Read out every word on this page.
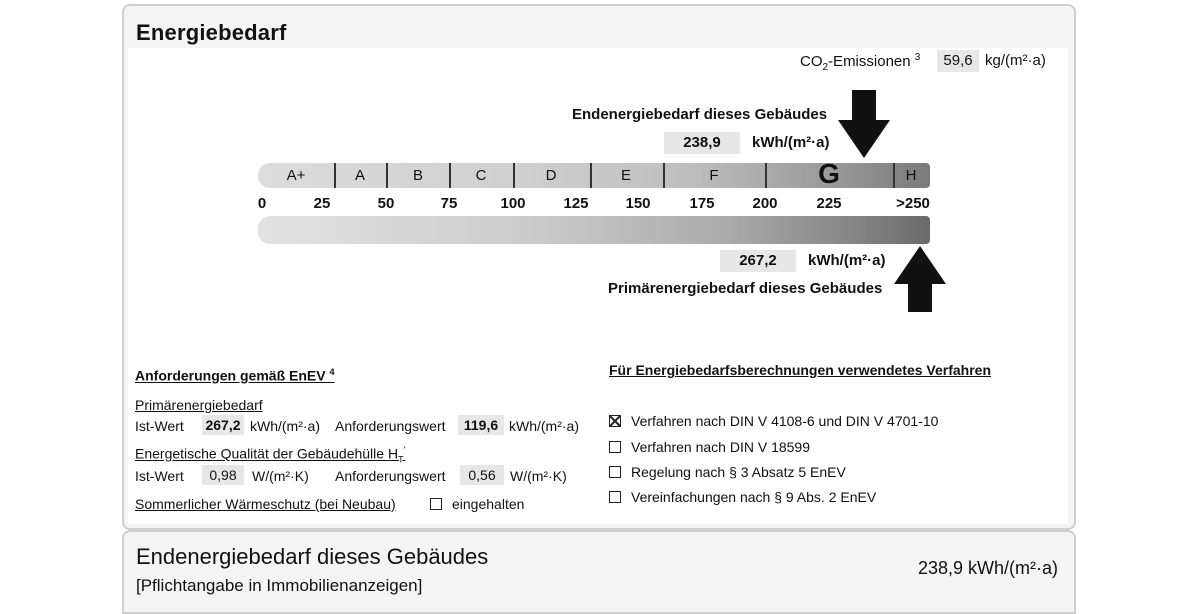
Energiebedarf
$CO_2$-Emissionen $^3$	59,6 kg/(m²·a)
Endenergiebedarf dieses Gebäudes
238,9	kWh/(m²·a)
A+	A	B	C	D	E	F	G	H
0	25	50	75	100	125	150	175	200	225	>250
267,2	kWh/(m²·a)
Primärenergiebedarf dieses Gebäudes
Anforderungen gemäß EnEV $^4$
Primärenergiebedarf
Ist-Wert 267,2 kWh/(m²·a) Anforderungswert	119,6 kWh/(m²·a)
Energetische Qualität der Gebäudehülle $H_T'$
Ist-Wert	0,98	W/(m²·K) Anforderungswert	0,56	W/(m²·K)
Sommerlicher Wärmeschutz (bei Neubau)	eingehalten
Für Energiebedarfsberechnungen verwendetes Verfahren
Verfahren nach DIN V 4108-6 und DIN V 4701-10
Verfahren nach DIN V 18599
Regelung nach § 3 Absatz 5 EnEV
Vereinfachungen nach § 9 Abs. 2 EnEV
Endenergiebedarf dieses Gebäudes
[Pflichtangabe in Immobilienanzeigen]
238,9 kWh/(m²·a)
